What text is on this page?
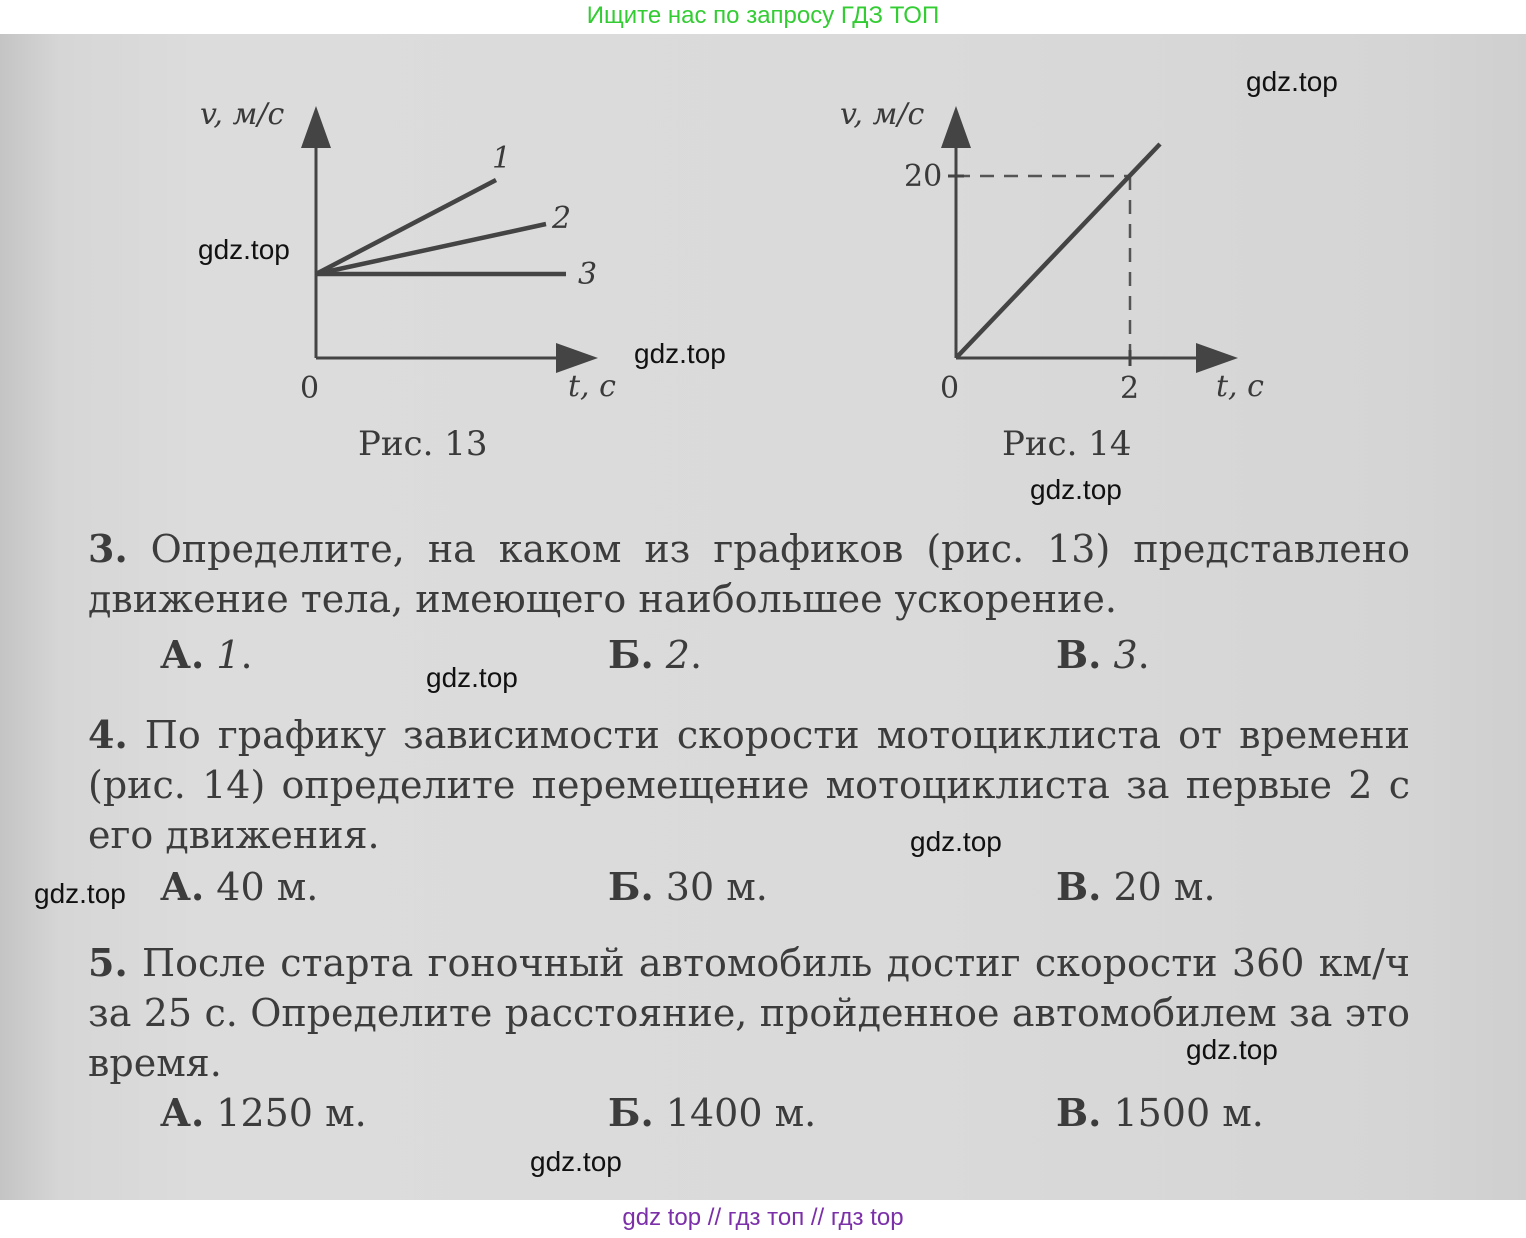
Ищите нас по запросу ГДЗ ТОП
v, м/с
t, с
0
1
2
3
Рис. 13
v, м/с
t, с
0
20
2
Рис. 14
3. Определите, на каком из графиков (рис. 13) представлено движение тела, имеющего наибольшее ускорение.
А. 1.	Б. 2.	В. 3.
4. По графику зависимости скорости мотоциклиста от времени (рис. 14) определите перемещение мотоциклиста за первые 2 с его движения.
А. 40 м.	Б. 30 м.	В. 20 м.
5. После старта гоночный автомобиль достиг скорости 360 км/ч за 25 с. Определите расстояние, пройденное автомобилем за это время.
А. 1250 м.	Б. 1400 м.	В. 1500 м.
gdz.top
gdz.top
gdz.top
gdz.top
gdz.top
gdz.top
gdz.top
gdz.top
gdz.top
gdz top // гдз топ // гдз top
